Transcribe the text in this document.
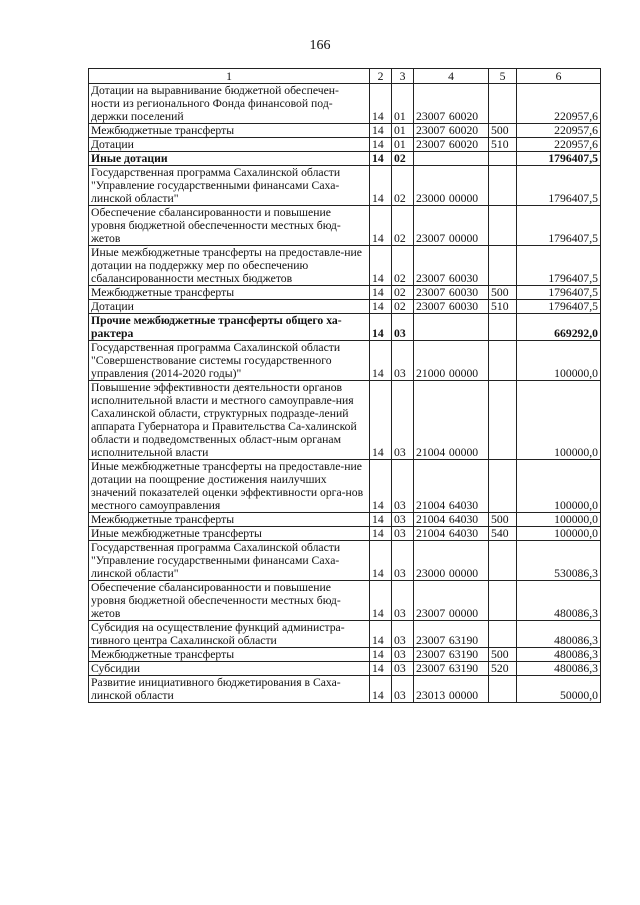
166
1	2	3	4	5	6
Дотации на выравнивание бюджетной обеспечен-ности из регионального Фонда финансовой под-держки поселений	14	01	23007 60020		220957,6
Межбюджетные трансферты	14	01	23007 60020	500	220957,6
Дотации	14	01	23007 60020	510	220957,6
Иные дотации	14	02			1796407,5
Государственная программа Сахалинской области "Управление государственными финансами Саха-линской области"	14	02	23000 00000		1796407,5
Обеспечение сбалансированности и повышение уровня бюджетной обеспеченности местных бюд-жетов	14	02	23007 00000		1796407,5
Иные межбюджетные трансферты на предоставле-ние дотации на поддержку мер по обеспечению сбалансированности местных бюджетов	14	02	23007 60030		1796407,5
Межбюджетные трансферты	14	02	23007 60030	500	1796407,5
Дотации	14	02	23007 60030	510	1796407,5
Прочие межбюджетные трансферты общего ха-рактера	14	03			669292,0
Государственная программа Сахалинской области "Совершенствование системы государственного управления (2014-2020 годы)"	14	03	21000 00000		100000,0
Повышение эффективности деятельности органов исполнительной власти и местного самоуправле-ния Сахалинской области, структурных подразде-лений аппарата Губернатора и Правительства Са-халинской области и подведомственных област-ным органам исполнительной власти	14	03	21004 00000		100000,0
Иные межбюджетные трансферты на предоставле-ние дотации на поощрение достижения наилучших значений показателей оценки эффективности орга-нов местного самоуправления	14	03	21004 64030		100000,0
Межбюджетные трансферты	14	03	21004 64030	500	100000,0
Иные межбюджетные трансферты	14	03	21004 64030	540	100000,0
Государственная программа Сахалинской области "Управление государственными финансами Саха-линской области"	14	03	23000 00000		530086,3
Обеспечение сбалансированности и повышение уровня бюджетной обеспеченности местных бюд-жетов	14	03	23007 00000		480086,3
Субсидия на осуществление функций администра-тивного центра Сахалинской области	14	03	23007 63190		480086,3
Межбюджетные трансферты	14	03	23007 63190	500	480086,3
Субсидии	14	03	23007 63190	520	480086,3
Развитие инициативного бюджетирования в Саха-линской области	14	03	23013 00000		50000,0
